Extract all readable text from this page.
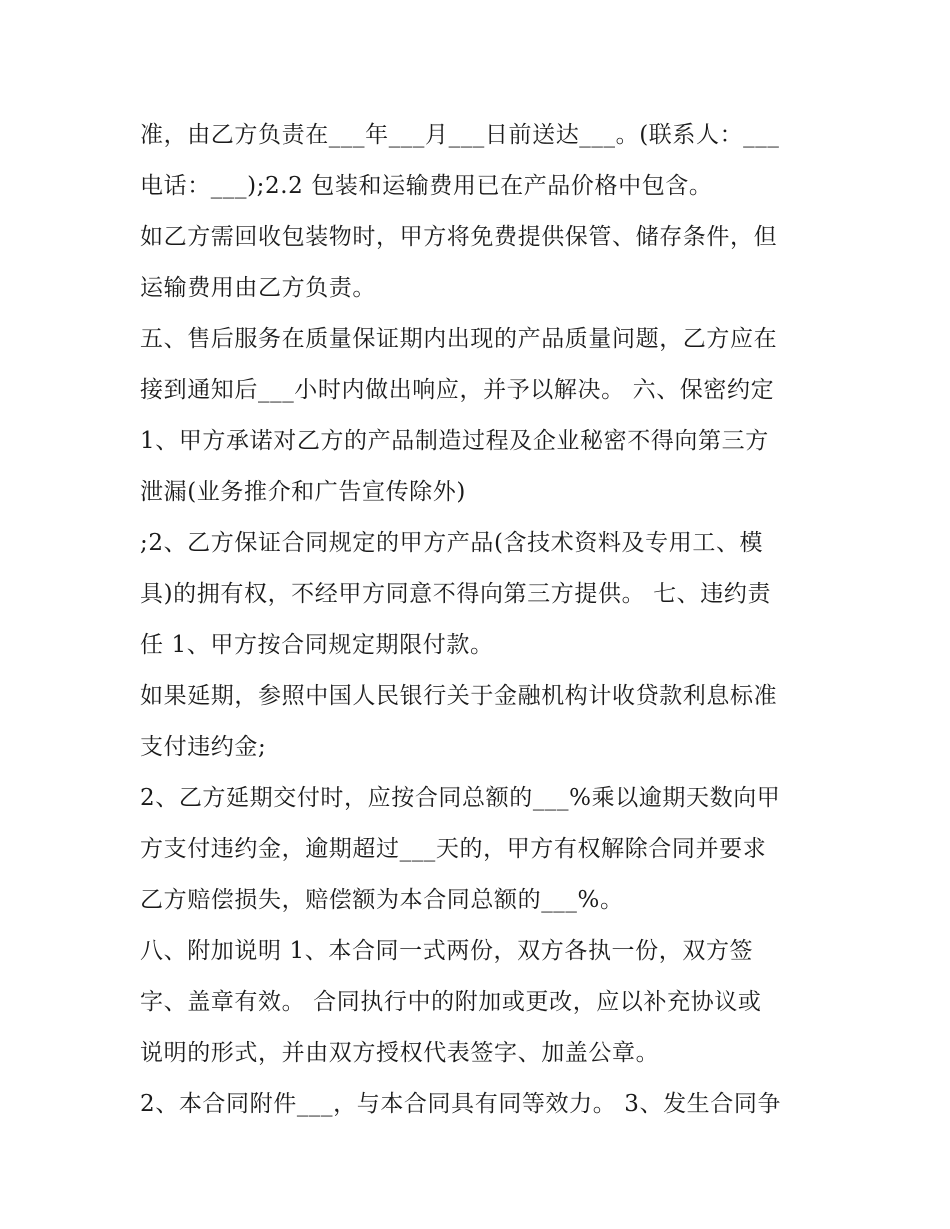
准，由乙方负责在___年___月___日前送达___。(联系人：___
电话：___);2.2 包装和运输费用已在产品价格中包含。
如乙方需回收包装物时，甲方将免费提供保管、储存条件，但
运输费用由乙方负责。
五、售后服务在质量保证期内出现的产品质量问题，乙方应在
接到通知后___小时内做出响应，并予以解决。 六、保密约定
1、甲方承诺对乙方的产品制造过程及企业秘密不得向第三方
泄漏(业务推介和广告宣传除外)
;2、乙方保证合同规定的甲方产品(含技术资料及专用工、模
具)的拥有权，不经甲方同意不得向第三方提供。 七、违约责
任 1、甲方按合同规定期限付款。
如果延期，参照中国人民银行关于金融机构计收贷款利息标准
支付违约金;
2、乙方延期交付时，应按合同总额的___%乘以逾期天数向甲
方支付违约金，逾期超过___天的，甲方有权解除合同并要求
乙方赔偿损失，赔偿额为本合同总额的___%。
八、附加说明 1、本合同一式两份，双方各执一份，双方签
字、盖章有效。 合同执行中的附加或更改，应以补充协议或
说明的形式，并由双方授权代表签字、加盖公章。
2、本合同附件___，与本合同具有同等效力。 3、发生合同争
